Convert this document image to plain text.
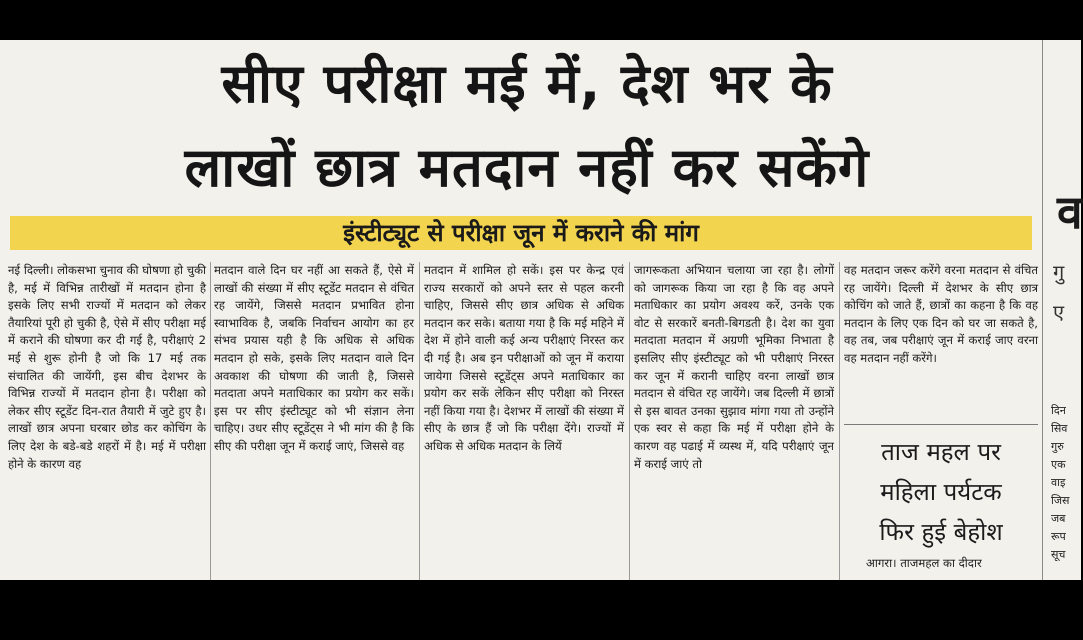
सीए परीक्षा मई में, देश भर के
लाखों छात्र मतदान नहीं कर सकेंगे
इंस्टीट्यूट से परीक्षा जून में कराने की मांग
नई दिल्ली। लोकसभा चुनाव की घोषणा हो चुकी है, मई में विभिन्न तारीखों में मतदान होना है इसके लिए सभी राज्यों में मतदान को लेकर तैयारियां पूरी हो चुकी है, ऐसे में सीए परीक्षा मई में कराने की घोषणा कर दी गई है, परीक्षाएं 2 मई से शुरू होनी है जो कि 17 मई तक संचालित की जायेंगी, इस बीच देशभर के विभिन्न राज्यों में मतदान होना है। परीक्षा को लेकर सीए स्टूडेंट दिन-रात तैयारी में जुटे हुए है। लाखों छात्र अपना घरबार छोड कर कोचिंग के लिए देश के बडे-बडे शहरों में है। मई में परीक्षा होने के कारण वह
मतदान वाले दिन घर नहीं आ सकते हैं, ऐसे में लाखों की संख्या में सीए स्टूडेंट मतदान से वंचित रह जायेंगे, जिससे मतदान प्रभावित होना स्वाभाविक है, जबकि निर्वाचन आयोग का हर संभव प्रयास यही है कि अधिक से अधिक मतदान हो सके, इसके लिए मतदान वाले दिन अवकाश की घोषणा की जाती है, जिससे मतदाता अपने मताधिकार का प्रयोग कर सकें। इस पर सीए इंस्टीट्यूट को भी संज्ञान लेना चाहिए। उधर सीए स्टूडेंट्स ने भी मांग की है कि सीए की परीक्षा जून में कराई जाएं, जिससे वह
मतदान में शामिल हो सकें। इस पर केन्द्र एवं राज्य सरकारों को अपने स्तर से पहल करनी चाहिए, जिससे सीए छात्र अधिक से अधिक मतदान कर सके। बताया गया है कि मई महिने में देश में होने वाली कई अन्य परीक्षाएं निरस्त कर दी गई है। अब इन परीक्षाओं को जून में कराया जायेगा जिससे स्टूडेंट्स अपने मताधिकार का प्रयोग कर सकें लेकिन सीए परीक्षा को निरस्त नहीं किया गया है। देशभर में लाखों की संख्या में सीए के छात्र हैं जो कि परीक्षा देंगे। राज्यों में अधिक से अधिक मतदान के लियें
जागरूकता अभियान चलाया जा रहा है। लोगों को जागरूक किया जा रहा है कि वह अपने मताधिकार का प्रयोग अवश्य करें, उनके एक वोट से सरकारें बनती-बिगडती है। देश का युवा मतदाता मतदान में अग्रणी भूमिका निभाता है इसलिए सीए इंस्टीट्यूट को भी परीक्षाएं निरस्त कर जून में करानी चाहिए वरना लाखों छात्र मतदान से वंचित रह जायेंगे। जब दिल्ली में छात्रों से इस बावत उनका सुझाव मांगा गया तो उन्होंने एक स्वर से कहा कि मई में परीक्षा होने के कारण वह पढाई में व्यस्थ में, यदि परीक्षाएं जून में कराई जाएं तो
वह मतदान जरूर करेंगे वरना मतदान से वंचित रह जायेंगे। दिल्ली में देशभर के सीए छात्र कोचिंग को जाते हैं, छात्रों का कहना है कि वह मतदान के लिए एक दिन को घर जा सकते है, वह तब, जब परीक्षाएं जून में कराई जाए वरना वह मतदान नहीं करेंगे।
ताज महल पर
महिला पर्यटक
फिर हुई बेहोश
आगरा। ताजमहल का दीदार
व
गु
ए
दिन
सिव
गुरु
एक
वाइ
जिस
जब
रूप
सूच
